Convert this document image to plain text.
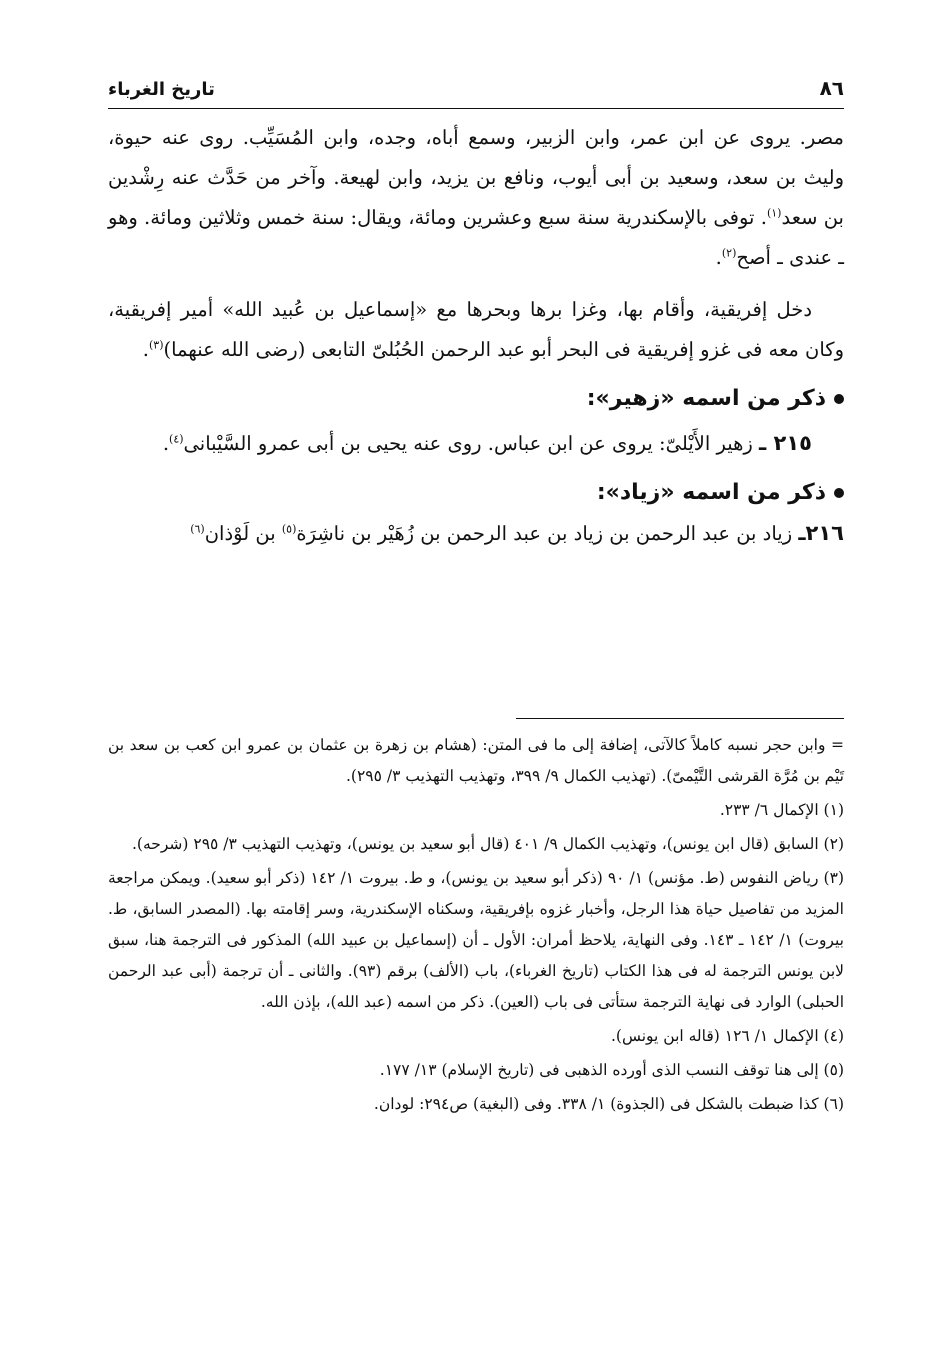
٨٦
تاريخ الغرباء

مصر. يروى عن ابن عمر، وابن الزبير، وسمع أباه، وجده، وابن المُسَيِّب. روى عنه حيوة، وليث بن سعد، وسعيد بن أبى أيوب، ونافع بن يزيد، وابن لهيعة. وآخر من حَدَّث عنه رِشْدين بن سعد$^{(١)}$. توفى بالإسكندرية سنة سبع وعشرين ومائة، ويقال: سنة خمس وثلاثين ومائة. وهو ـ عندى ـ أصح$^{(٢)}$.

دخل إفريقية، وأقام بها، وغزا برها وبحرها مع «إسماعيل بن عُبيد الله» أمير إفريقية، وكان معه فى غزو إفريقية فى البحر أبو عبد الرحمن الحُبُلىّ التابعى (رضى الله عنهما)$^{(٣)}$.

ذكر من اسمه «زهير»:

٢١٥ ـ زهير الأَيْلىّ: يروى عن ابن عباس. روى عنه يحيى بن أبى عمرو السَّيْبانى$^{(٤)}$.

ذكر من اسمه «زياد»:

٢١٦ـ زياد بن عبد الرحمن بن زياد بن عبد الرحمن بن زُهَيْر بن ناشِرَة$^{(٥)}$ بن لَوْذان$^{(٦)}$

= وابن حجر نسبه كاملاً كالآتى، إضافة إلى ما فى المتن: (هشام بن زهرة بن عثمان بن عمرو ابن كعب بن سعد بن تَيْم بن مُرَّة القرشى التَّيْمىّ). (تهذيب الكمال ٩/ ٣٩٩، وتهذيب التهذيب ٣/ ٢٩٥).

(١) الإكمال ٦/ ٢٣٣.

(٢) السابق (قال ابن يونس)، وتهذيب الكمال ٩/ ٤٠١ (قال أبو سعيد بن يونس)، وتهذيب التهذيب ٣/ ٢٩٥ (شرحه).

(٣) رياض النفوس (ط. مؤنس) ١/ ٩٠ (ذكر أبو سعيد بن يونس)، و ط. بيروت ١/ ١٤٢ (ذكر أبو سعيد). ويمكن مراجعة المزيد من تفاصيل حياة هذا الرجل، وأخبار غزوه بإفريقية، وسكناه الإسكندرية، وسر إقامته بها. (المصدر السابق، ط. بيروت) ١/ ١٤٢ ـ ١٤٣. وفى النهاية، يلاحظ أمران: الأول ـ أن (إسماعيل بن عبيد الله) المذكور فى الترجمة هنا، سبق لابن يونس الترجمة له فى هذا الكتاب (تاريخ الغرباء)، باب (الألف) برقم (٩٣). والثانى ـ أن ترجمة (أبى عبد الرحمن الحبلى) الوارد فى نهاية الترجمة ستأتى فى باب (العين). ذكر من اسمه (عبد الله)، بإذن الله.

(٤) الإكمال ١/ ١٢٦ (قاله ابن يونس).

(٥) إلى هنا توقف النسب الذى أورده الذهبى فى (تاريخ الإسلام) ١٣/ ١٧٧.

(٦) كذا ضبطت بالشكل فى (الجذوة) ١/ ٣٣٨. وفى (البغية) ص٢٩٤: لودان.
